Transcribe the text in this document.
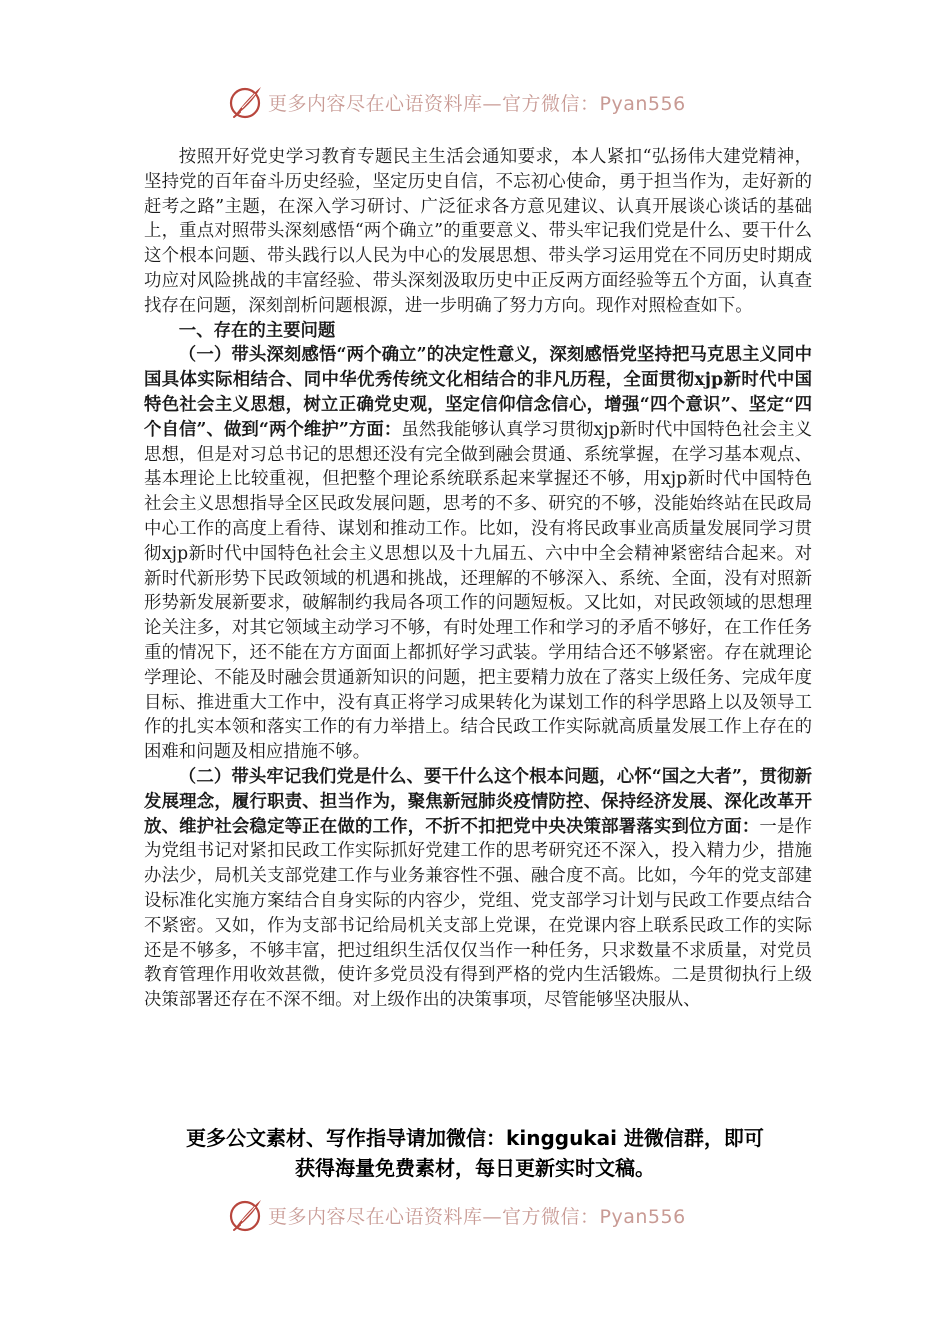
更多内容尽在心语资料库—官方微信：Pyan556

按照开好党史学习教育专题民主生活会通知要求，本人紧扣“弘扬伟大建党精神，坚持党的百年奋斗历史经验，坚定历史自信，不忘初心使命，勇于担当作为，走好新的赶考之路”主题，在深入学习研讨、广泛征求各方意见建议、认真开展谈心谈话的基础上，重点对照带头深刻感悟“两个确立”的重要意义、带头牢记我们党是什么、要干什么这个根本问题、带头践行以人民为中心的发展思想、带头学习运用党在不同历史时期成功应对风险挑战的丰富经验、带头深刻汲取历史中正反两方面经验等五个方面，认真查找存在问题，深刻剖析问题根源，进一步明确了努力方向。现作对照检查如下。

一、存在的主要问题

（一）带头深刻感悟“两个确立”的决定性意义，深刻感悟党坚持把马克思主义同中国具体实际相结合、同中华优秀传统文化相结合的非凡历程，全面贯彻xjp新时代中国特色社会主义思想，树立正确党史观，坚定信仰信念信心，增强“四个意识”、坚定“四个自信”、做到“两个维护”方面：虽然我能够认真学习贯彻xjp新时代中国特色社会主义思想，但是对习总书记的思想还没有完全做到融会贯通、系统掌握，在学习基本观点、基本理论上比较重视，但把整个理论系统联系起来掌握还不够，用xjp新时代中国特色社会主义思想指导全区民政发展问题，思考的不多、研究的不够，没能始终站在民政局中心工作的高度上看待、谋划和推动工作。比如，没有将民政事业高质量发展同学习贯彻xjp新时代中国特色社会主义思想以及十九届五、六中中全会精神紧密结合起来。对新时代新形势下民政领域的机遇和挑战，还理解的不够深入、系统、全面，没有对照新形势新发展新要求，破解制约我局各项工作的问题短板。又比如，对民政领域的思想理论关注多，对其它领域主动学习不够，有时处理工作和学习的矛盾不够好，在工作任务重的情况下，还不能在方方面面上都抓好学习武装。学用结合还不够紧密。存在就理论学理论、不能及时融会贯通新知识的问题，把主要精力放在了落实上级任务、完成年度目标、推进重大工作中，没有真正将学习成果转化为谋划工作的科学思路上以及领导工作的扎实本领和落实工作的有力举措上。结合民政工作实际就高质量发展工作上存在的困难和问题及相应措施不够。

（二）带头牢记我们党是什么、要干什么这个根本问题，心怀“国之大者”，贯彻新发展理念，履行职责、担当作为，聚焦新冠肺炎疫情防控、保持经济发展、深化改革开放、维护社会稳定等正在做的工作，不折不扣把党中央决策部署落实到位方面：一是作为党组书记对紧扣民政工作实际抓好党建工作的思考研究还不深入，投入精力少，措施办法少，局机关支部党建工作与业务兼容性不强、融合度不高。比如，今年的党支部建设标准化实施方案结合自身实际的内容少，党组、党支部学习计划与民政工作要点结合不紧密。又如，作为支部书记给局机关支部上党课，在党课内容上联系民政工作的实际还是不够多，不够丰富，把过组织生活仅仅当作一种任务，只求数量不求质量，对党员教育管理作用收效甚微，使许多党员没有得到严格的党内生活锻炼。二是贯彻执行上级决策部署还存在不深不细。对上级作出的决策事项，尽管能够坚决服从、

更多公文素材、写作指导请加微信：kinggukai 进微信群，即可
获得海量免费素材，每日更新实时文稿。
更多内容尽在心语资料库—官方微信：Pyan556
